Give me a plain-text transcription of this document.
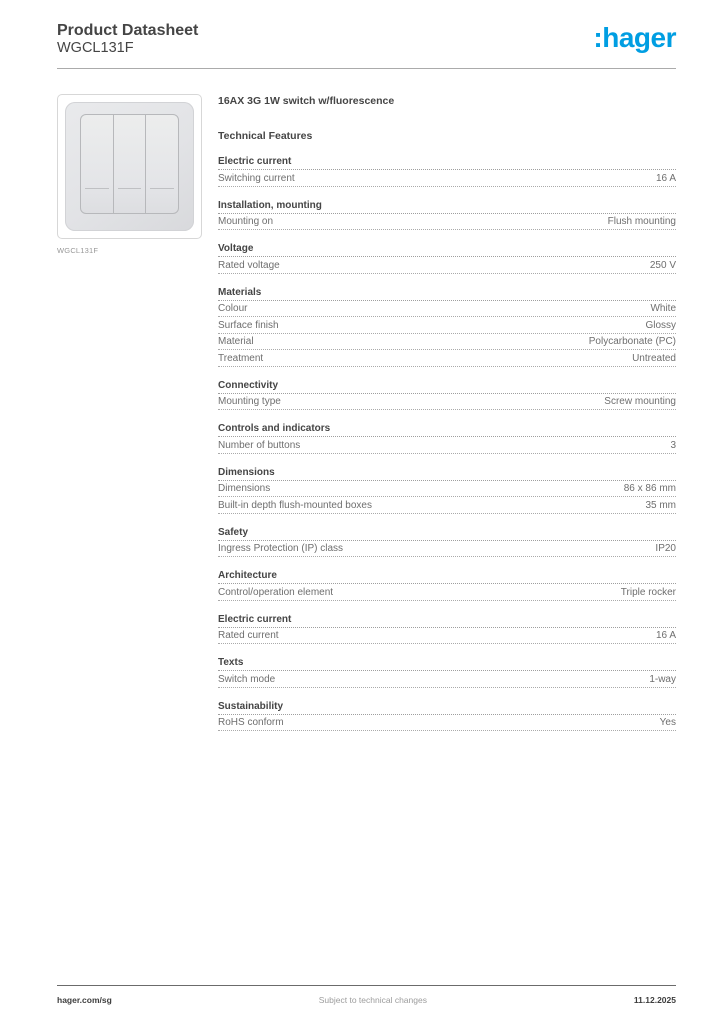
Product Datasheet
WGCL131F	:hager
WGCL131F
16AX 3G 1W switch w/fluorescence
Technical Features
Electric current
Switching current	16 A
Installation, mounting
Mounting on	Flush mounting
Voltage
Rated voltage	250 V
Materials
Colour	White
Surface finish	Glossy
Material	Polycarbonate (PC)
Treatment	Untreated
Connectivity
Mounting type	Screw mounting
Controls and indicators
Number of buttons	3
Dimensions
Dimensions	86 x 86 mm
Built-in depth flush-mounted boxes	35 mm
Safety
Ingress Protection (IP) class	IP20
Architecture
Control/operation element	Triple rocker
Electric current
Rated current	16 A
Texts
Switch mode	1-way
Sustainability
RoHS conform	Yes
hager.com/sg	Subject to technical changes	11.12.2025
